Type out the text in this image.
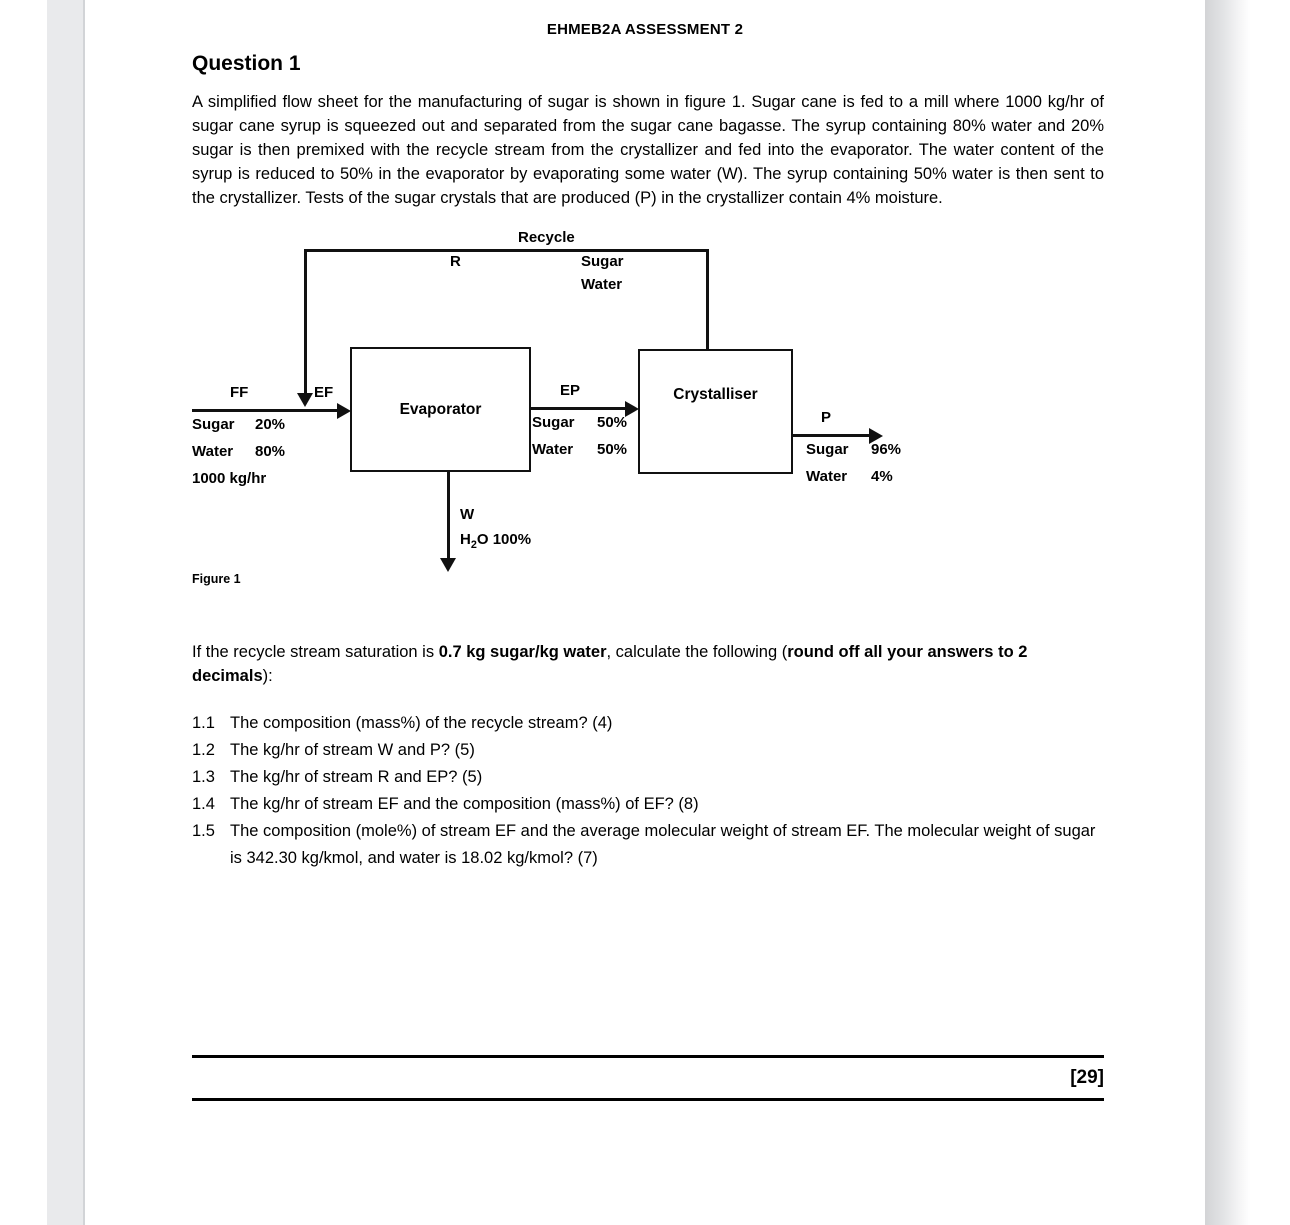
EHMEB2A ASSESSMENT 2
Question 1

A simplified flow sheet for the manufacturing of sugar is shown in figure 1. Sugar cane is fed to a mill where 1000 kg/hr of sugar cane syrup is squeezed out and separated from the sugar cane bagasse. The syrup containing 80% water and 20% sugar is then premixed with the recycle stream from the crystallizer and fed into the evaporator. The water content of the syrup is reduced to 50% in the evaporator by evaporating some water (W). The syrup containing 50% water is then sent to the crystallizer. Tests of the sugar crystals that are produced (P) in the crystallizer contain 4% moisture.

Recycle
R	Sugar
Water
Evaporator
Crystalliser
FF	EF
Sugar 20%
Water 80%
1000 kg/hr
EP
Sugar 50%
Water 50%
P
Sugar 96%
Water 4%
W
$H_2O$ 100%
Figure 1

If the recycle stream saturation is 0.7 kg sugar/kg water, calculate the following (round off all your answers to 2 decimals):

1.1 The composition (mass%) of the recycle stream? (4)
1.2 The kg/hr of stream W and P? (5)
1.3 The kg/hr of stream R and EP? (5)
1.4 The kg/hr of stream EF and the composition (mass%) of EF? (8)
1.5 The composition (mole%) of stream EF and the average molecular weight of stream EF. The molecular weight of sugar is 342.30 kg/kmol, and water is 18.02 kg/kmol? (7)
[29]
